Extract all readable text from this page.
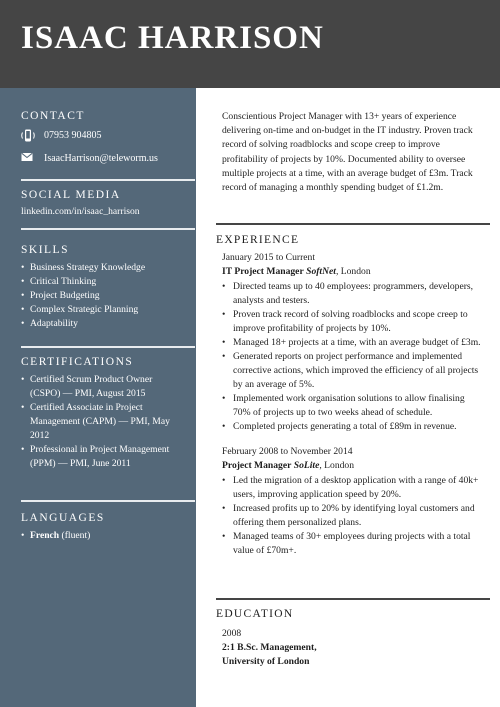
ISAAC HARRISON
CONTACT
07953 904805
IsaacHarrison@teleworm.us
SOCIAL MEDIA
linkedin.com/in/isaac_harrison
SKILLS
• Business Strategy Knowledge
• Critical Thinking
• Project Budgeting
• Complex Strategic Planning
• Adaptability
CERTIFICATIONS
• Certified Scrum Product Owner (CSPO) — PMI, August 2015
• Certified Associate in Project Management (CAPM) — PMI, May 2012
• Professional in Project Management (PPM) — PMI, June 2011
LANGUAGES
• French (fluent)
Conscientious Project Manager with 13+ years of experience delivering on-time and on-budget in the IT industry. Proven track record of solving roadblocks and scope creep to improve profitability of projects by 10%. Documented ability to oversee multiple projects at a time, with an average budget of £3m. Track record of managing a monthly spending budget of £1.2m.
EXPERIENCE
January 2015 to Current
IT Project Manager SoftNet, London
• Directed teams up to 40 employees: programmers, developers, analysts and testers.
• Proven track record of solving roadblocks and scope creep to improve profitability of projects by 10%.
• Managed 18+ projects at a time, with an average budget of £3m.
• Generated reports on project performance and implemented corrective actions, which improved the efficiency of all projects by an average of 5%.
• Implemented work organisation solutions to allow finalising 70% of projects up to two weeks ahead of schedule.
• Completed projects generating a total of £89m in revenue.
February 2008 to November 2014
Project Manager SoLite, London
• Led the migration of a desktop application with a range of 40k+ users, improving application speed by 20%.
• Increased profits up to 20% by identifying loyal customers and offering them personalized plans.
• Managed teams of 30+ employees during projects with a total value of £70m+.
EDUCATION
2008
2:1 B.Sc. Management,
University of London
